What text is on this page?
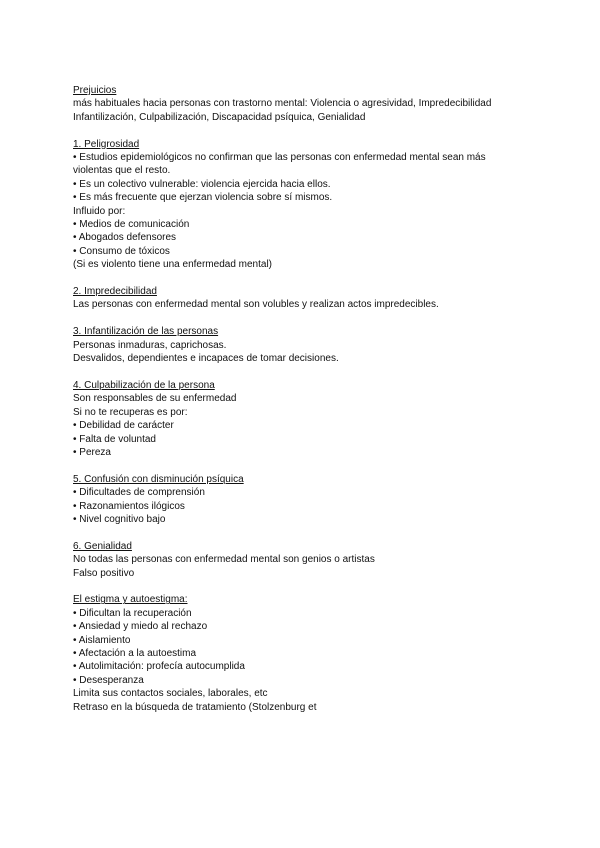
Prejuicios
más habituales hacia personas con trastorno mental: Violencia o agresividad, Impredecibilidad
Infantilización, Culpabilización, Discapacidad psíquica, Genialidad
1. Peligrosidad
• Estudios epidemiológicos no confirman que las personas con enfermedad mental sean más
violentas que el resto.
• Es un colectivo vulnerable: violencia ejercida hacia ellos.
• Es más frecuente que ejerzan violencia sobre sí mismos.
Influido por:
• Medios de comunicación
• Abogados defensores
• Consumo de tóxicos
(Si es violento tiene una enfermedad mental)
2. Impredecibilidad
Las personas con enfermedad mental son volubles y realizan actos impredecibles.
3. Infantilización de las personas
Personas inmaduras, caprichosas.
Desvalidos, dependientes e incapaces de tomar decisiones.
4. Culpabilización de la persona
Son responsables de su enfermedad
Si no te recuperas es por:
• Debilidad de carácter
• Falta de voluntad
• Pereza
5. Confusión con disminución psíquica
• Dificultades de comprensión
• Razonamientos ilógicos
• Nivel cognitivo bajo
6. Genialidad
No todas las personas con enfermedad mental son genios o artistas
Falso positivo
El estigma y autoestigma:
• Dificultan la recuperación
• Ansiedad y miedo al rechazo
• Aislamiento
• Afectación a la autoestima
• Autolimitación: profecía autocumplida
• Desesperanza
Limita sus contactos sociales, laborales, etc
Retraso en la búsqueda de tratamiento (Stolzenburg et
